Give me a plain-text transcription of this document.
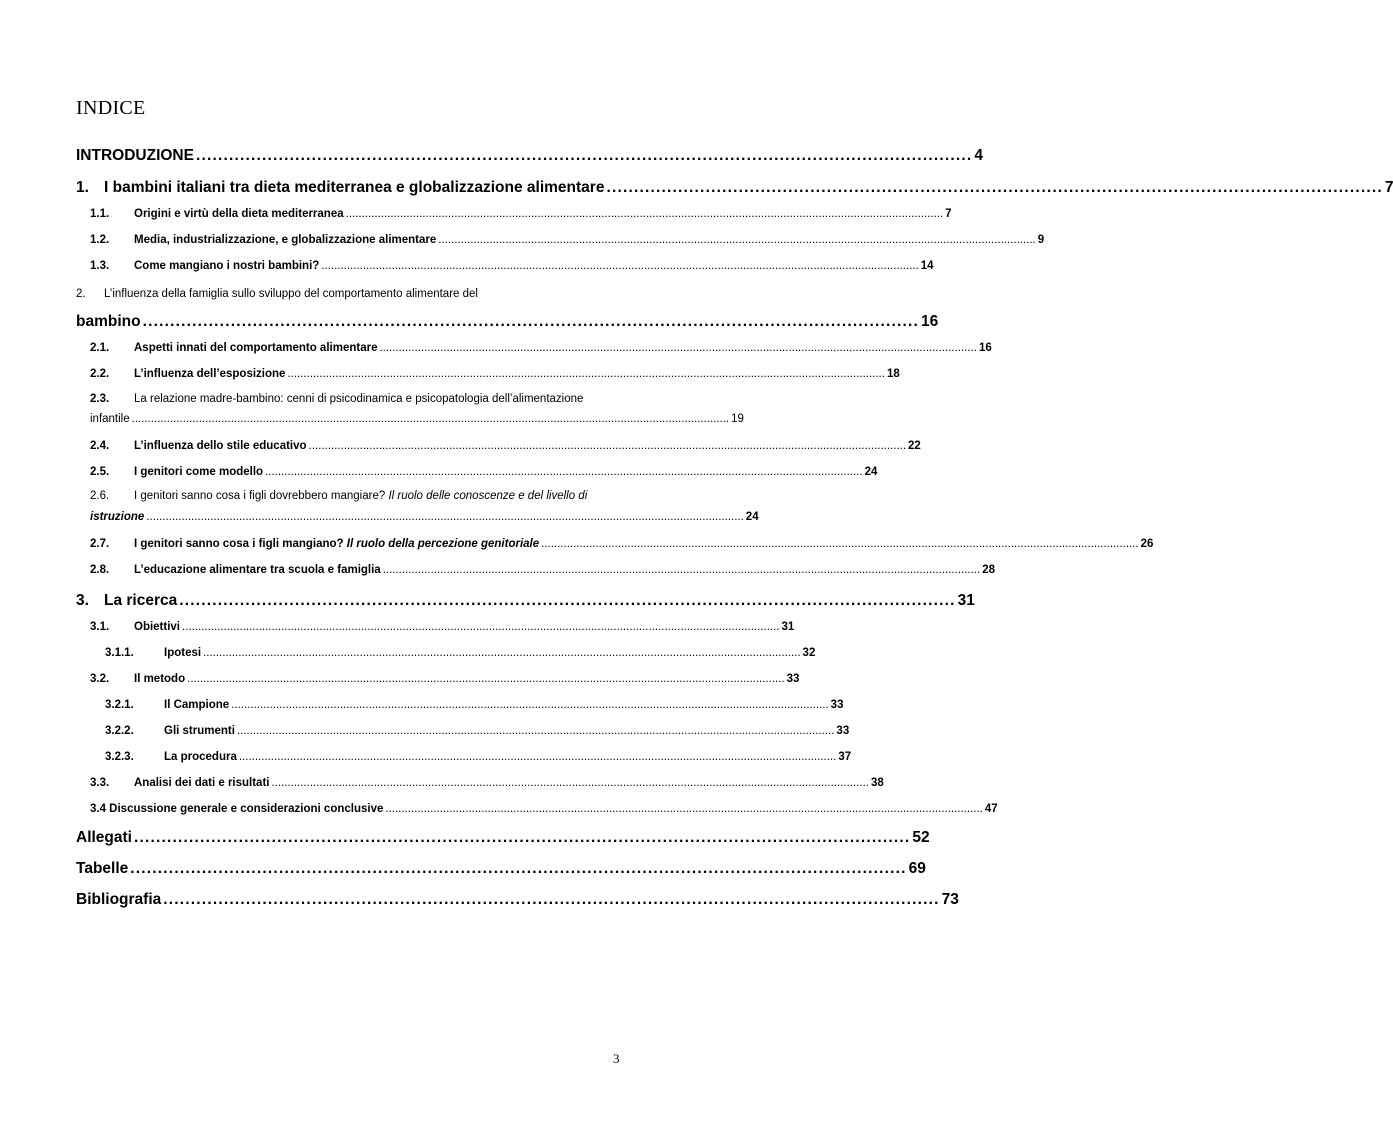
INDICE
INTRODUZIONE ............................................................................................................................................. 4
1. I bambini italiani tra dieta mediterranea e globalizzazione alimentare ............................................................................................................................................. 7
1.1.	Origini e virtù della dieta mediterranea ........................................................................................................................................................................................... 7
1.2.	Media, industrializzazione, e globalizzazione alimentare ........................................................................................................................................................................................... 9
1.3.	Come mangiano i nostri bambini? ........................................................................................................................................................................................... 14
2. L’influenza della famiglia sullo sviluppo del comportamento alimentare del
bambino ............................................................................................................................................. 16
2.1.	Aspetti innati del comportamento alimentare ........................................................................................................................................................................................... 16
2.2.	L’influenza dell’esposizione ........................................................................................................................................................................................... 18
2.3. La relazione madre-bambino: cenni di psicodinamica e psicopatologia dell’alimentazione
infantile ........................................................................................................................................................................................... 19
2.4.	L’influenza dello stile educativo ........................................................................................................................................................................................... 22
2.5.	I genitori come modello ........................................................................................................................................................................................... 24
2.6. I genitori sanno cosa i figli dovrebbero mangiare? Il ruolo delle conoscenze e del livello di
istruzione ........................................................................................................................................................................................... 24
2.7.	I genitori sanno cosa i figli mangiano? Il ruolo della percezione genitoriale ........................................................................................................................................................................................... 26
2.8.	L’educazione alimentare tra scuola e famiglia ........................................................................................................................................................................................... 28
3. La ricerca ............................................................................................................................................. 31
3.1.	Obiettivi ........................................................................................................................................................................................... 31
3.1.1.	Ipotesi ........................................................................................................................................................................................... 32
3.2.	Il metodo ........................................................................................................................................................................................... 33
3.2.1.	Il Campione ........................................................................................................................................................................................... 33
3.2.2.	Gli strumenti ........................................................................................................................................................................................... 33
3.2.3.	La procedura ........................................................................................................................................................................................... 37
3.3.	Analisi dei dati e risultati ........................................................................................................................................................................................... 38
3.4 Discussione generale e considerazioni conclusive ........................................................................................................................................................................................... 47
Allegati ............................................................................................................................................. 52
Tabelle ............................................................................................................................................. 69
Bibliografia ............................................................................................................................................. 73
3
